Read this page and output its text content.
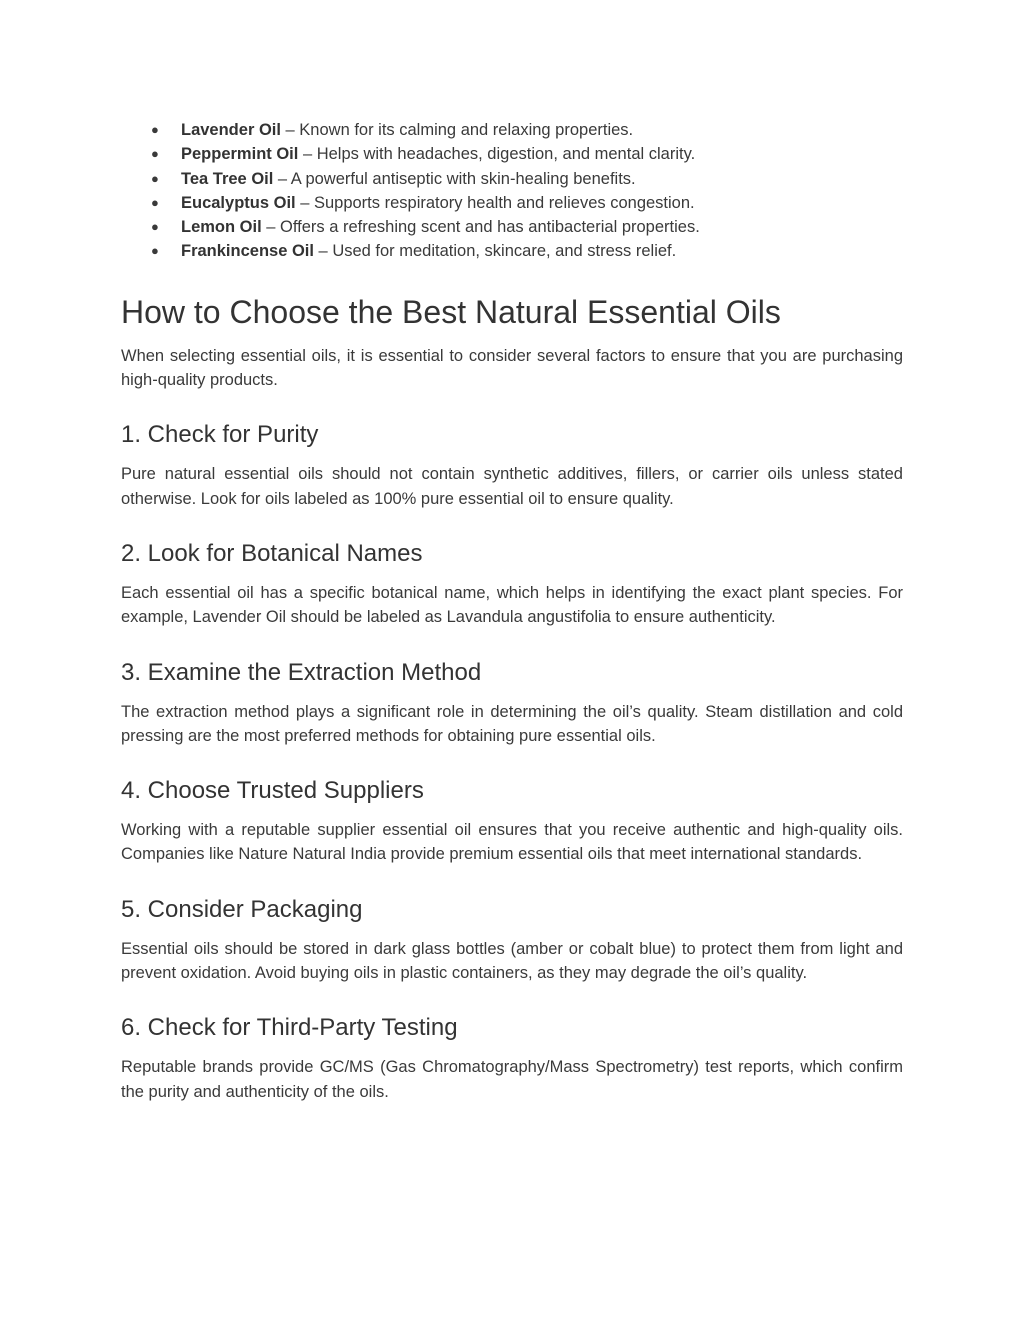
● Lavender Oil – Known for its calming and relaxing properties.
● Peppermint Oil – Helps with headaches, digestion, and mental clarity.
● Tea Tree Oil – A powerful antiseptic with skin-healing benefits.
● Eucalyptus Oil – Supports respiratory health and relieves congestion.
● Lemon Oil – Offers a refreshing scent and has antibacterial properties.
● Frankincense Oil – Used for meditation, skincare, and stress relief.
How to Choose the Best Natural Essential Oils

When selecting essential oils, it is essential to consider several factors to ensure that you are purchasing high-quality products.

1. Check for Purity

Pure natural essential oils should not contain synthetic additives, fillers, or carrier oils unless stated otherwise. Look for oils labeled as 100% pure essential oil to ensure quality.

2. Look for Botanical Names

Each essential oil has a specific botanical name, which helps in identifying the exact plant species. For example, Lavender Oil should be labeled as Lavandula angustifolia to ensure authenticity.

3. Examine the Extraction Method

The extraction method plays a significant role in determining the oil’s quality. Steam distillation and cold pressing are the most preferred methods for obtaining pure essential oils.

4. Choose Trusted Suppliers

Working with a reputable supplier essential oil ensures that you receive authentic and high-quality oils. Companies like Nature Natural India provide premium essential oils that meet international standards.

5. Consider Packaging

Essential oils should be stored in dark glass bottles (amber or cobalt blue) to protect them from light and prevent oxidation. Avoid buying oils in plastic containers, as they may degrade the oil’s quality.

6. Check for Third-Party Testing

Reputable brands provide GC/MS (Gas Chromatography/Mass Spectrometry) test reports, which confirm the purity and authenticity of the oils.
